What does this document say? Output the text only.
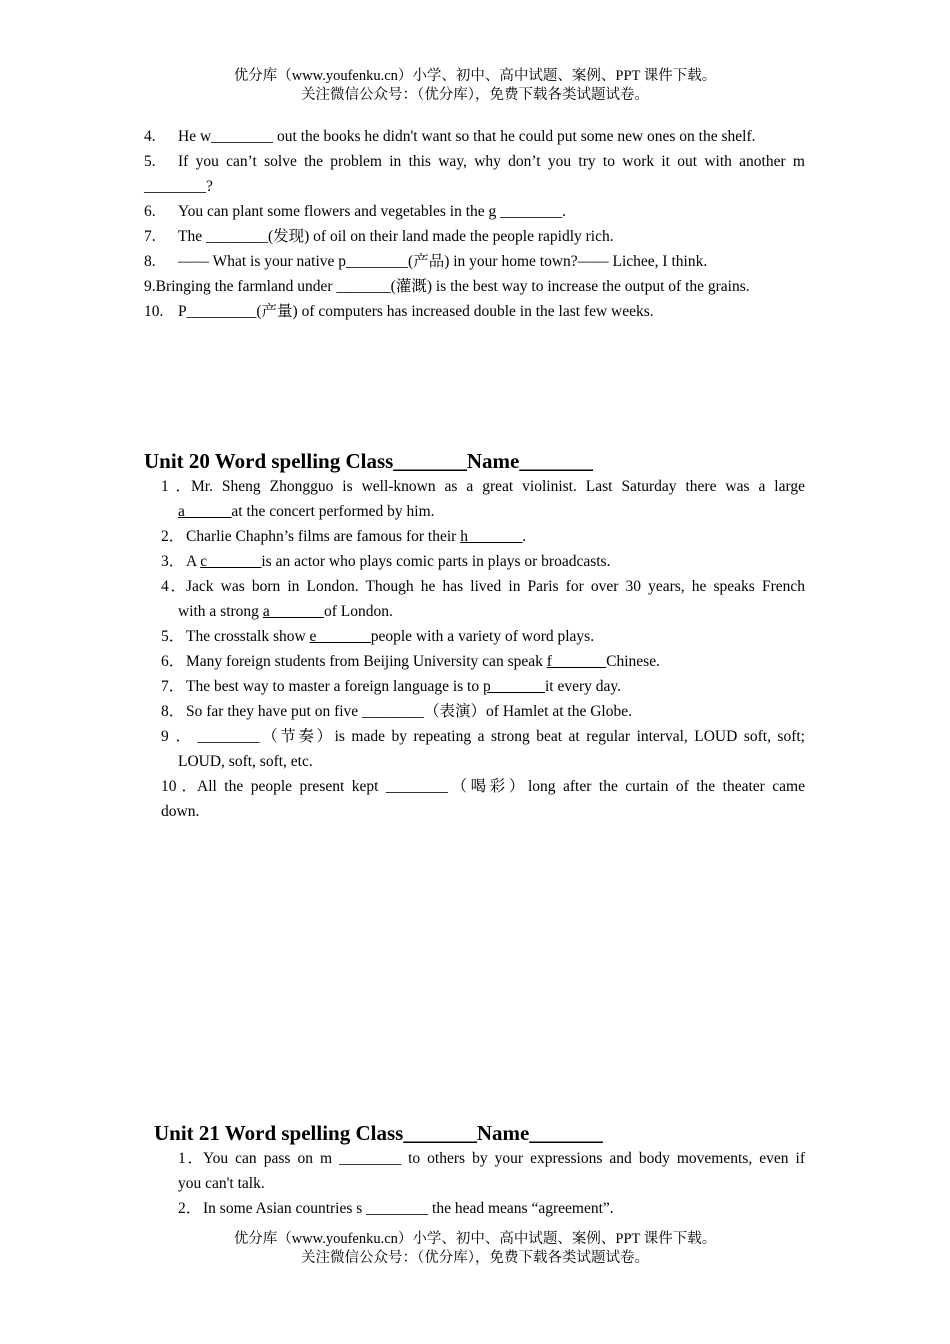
优分库（www.youfenku.cn）小学、初中、高中试题、案例、PPT 课件下载。
关注微信公众号：（优分库），免费下载各类试题试卷。
4. He w________ out the books he didn't want so that he could put some new ones on the shelf.
5. If you can’t solve the problem in this way, why don’t you try to work it out with another m
________?
6. You can plant some flowers and vegetables in the g ________.
7. The ________(发现) of oil on their land made the people rapidly rich.
8. —— What is your native p________(产品) in your home town?—— Lichee, I think.
9.Bringing the farmland under _______(灌溉) is the best way to increase the output of the grains.
10. P_________(产量) of computers has increased double in the last few weeks.
Unit 20 Word spelling Class_______Name_______
1．Mr. Sheng Zhongguo is well-known as a great violinist. Last Saturday there was a large
a______at the concert performed by him.
2． Charlie Chaphn’s films are famous for their h_______.
3． A c_______is an actor who plays comic parts in plays or broadcasts.
4．Jack was born in London. Though he has lived in Paris for over 30 years, he speaks French
with a strong a_______of London.
5． The crosstalk show e_______people with a variety of word plays.
6． Many foreign students from Beijing University can speak f_______Chinese.
7． The best way to master a foreign language is to p_______it every day.
8． So far they have put on five ________（表演）of Hamlet at the Globe.
9． ________（节奏）is made by repeating a strong beat at regular interval, LOUD soft, soft;
LOUD, soft, soft, etc.
10．All the people present kept ________（喝彩）long after the curtain of the theater came
down.
Unit 21 Word spelling Class_______Name_______
1．You can pass on m ________ to others by your expressions and body movements, even if
you can't talk.
2． In some Asian countries s ________ the head means “agreement”.
优分库（www.youfenku.cn）小学、初中、高中试题、案例、PPT 课件下载。
关注微信公众号：（优分库），免费下载各类试题试卷。
